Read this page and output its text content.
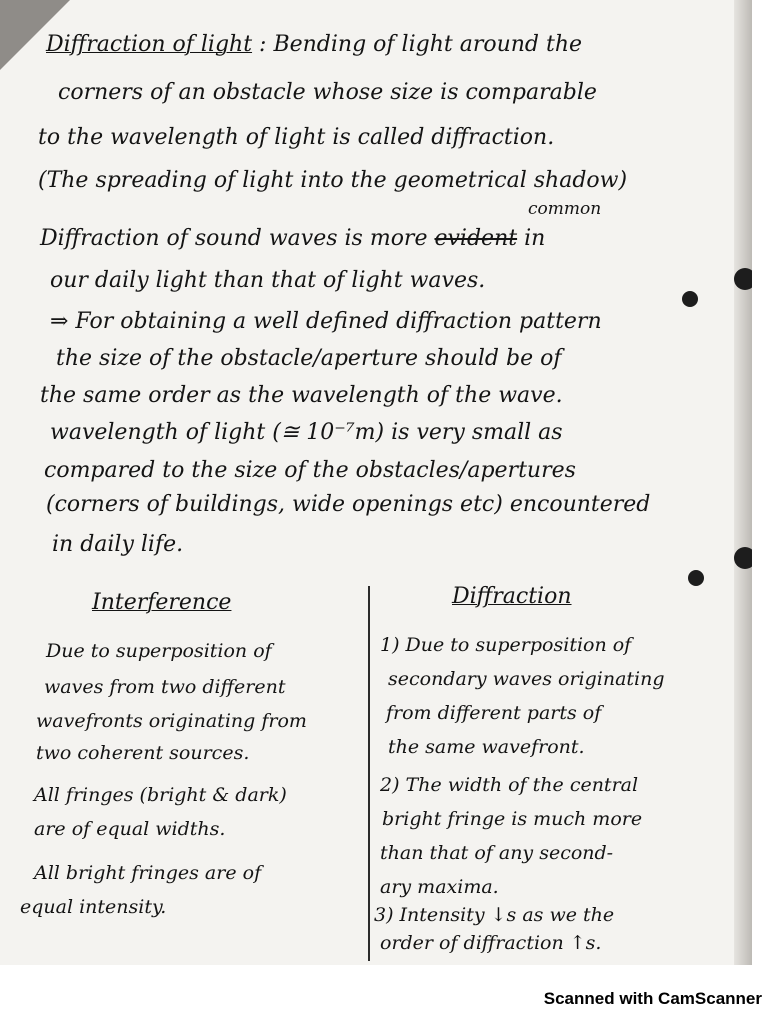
Diffraction of light : Bending of light around the

corners of an obstacle whose size is comparable

to the wavelength of light is called diffraction.

(The spreading of light into the geometrical shadow)

common

Diffraction of sound waves is more evident in

our daily light than that of light waves.

⇒ For obtaining a well defined diffraction pattern

the size of the obstacle/aperture should be of

the same order as the wavelength of the wave.

wavelength of light (≅ 10⁻⁷m) is very small as

compared to the size of the obstacles/apertures

(corners of buildings, wide openings etc) encountered

in daily life.

Interference	Diffraction

Due to superposition of

waves from two different

wavefronts originating from

two coherent sources.

All fringes (bright & dark)

are of equal widths.

All bright fringes are of

equal intensity.

1) Due to superposition of

secondary waves originating

from different parts of

the same wavefront.

2) The width of the central

bright fringe is much more

than that of any second-

ary maxima.

3) Intensity ↓s as we the

order of diffraction ↑s.

Scanned with CamScanner
